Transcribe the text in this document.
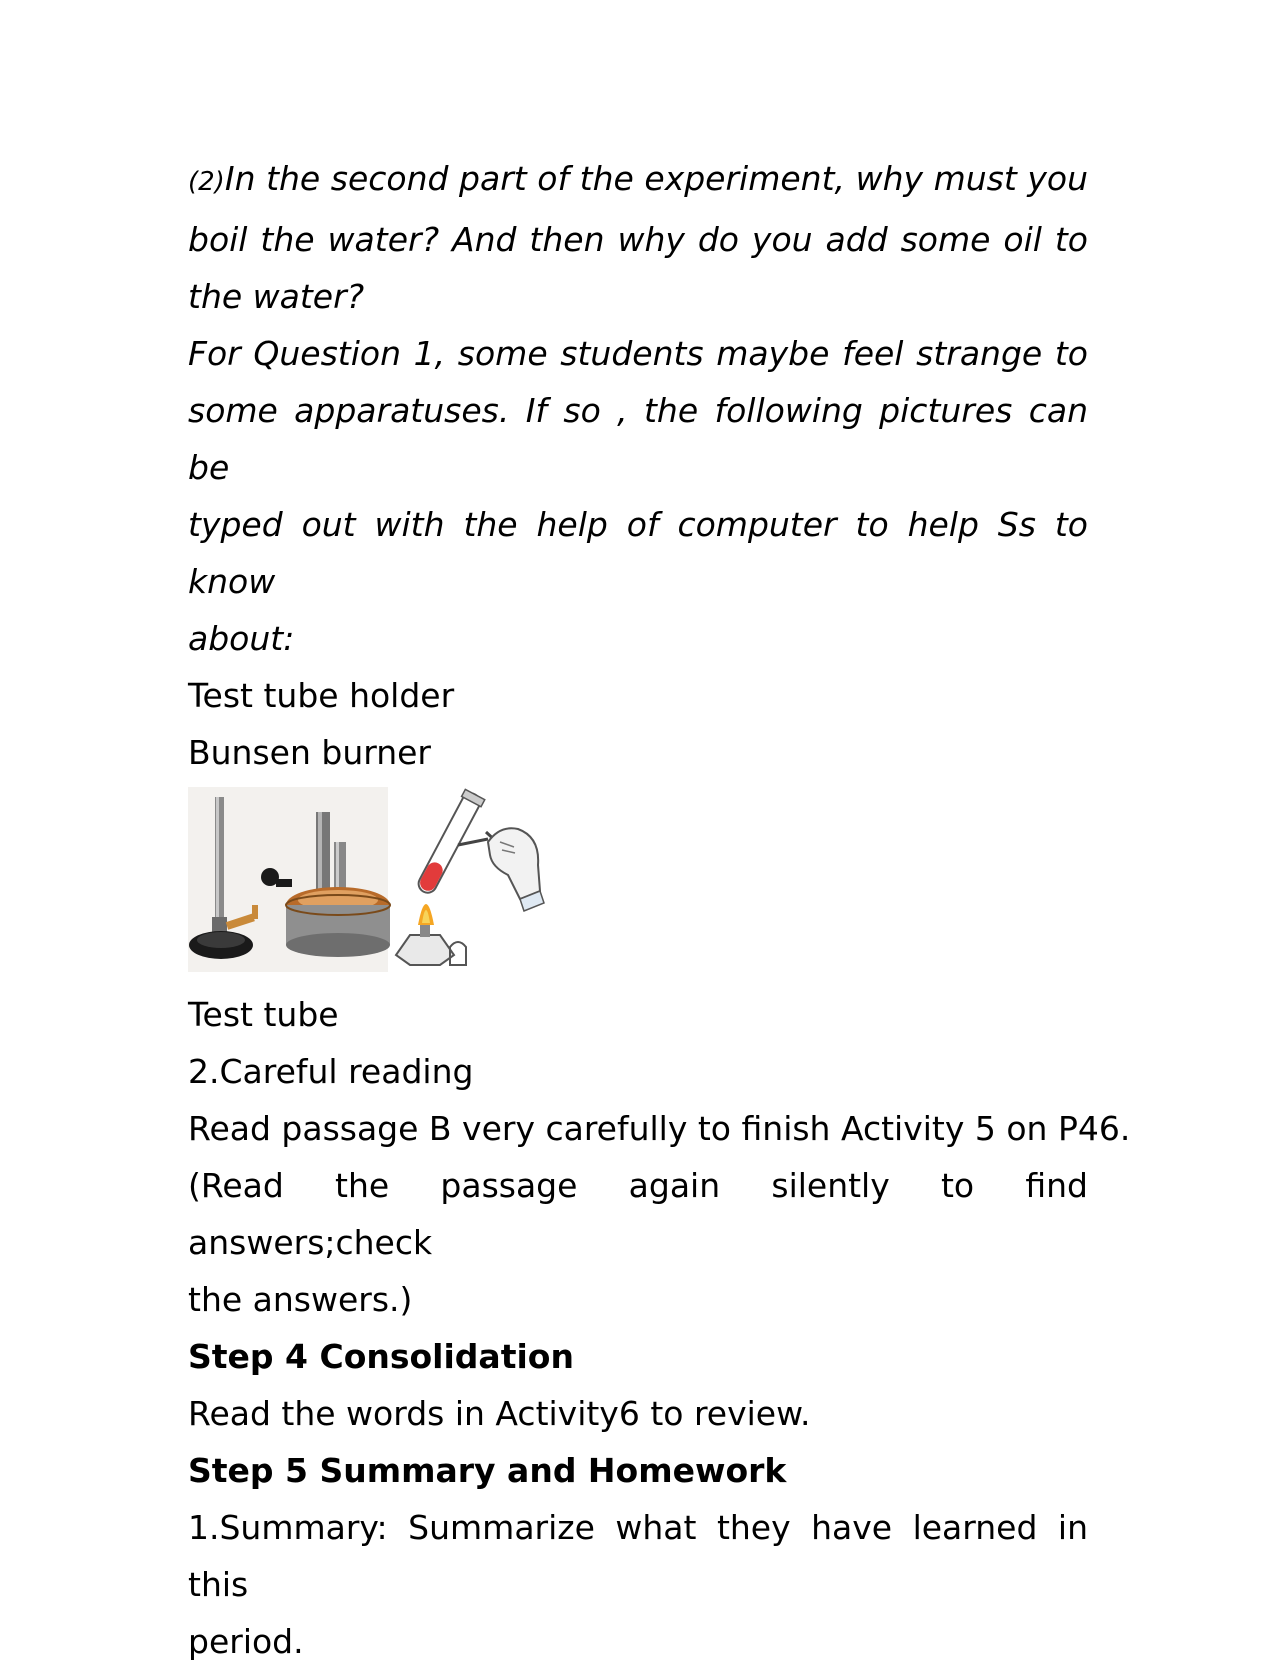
(2)In the second part of the experiment, why must you
boil the water? And then why do you add some oil to
the water?
For Question 1, some students maybe feel strange to
some apparatuses. If so , the following pictures can be
typed out with the help of computer to help Ss to know
about:
Test tube holder
Bunsen burner
Test tube
2.Careful reading
Read passage B very carefully to finish Activity 5 on P46.
(Read the passage again silently to find answers;check
the answers.)
Step 4 Consolidation
Read the words in Activity6 to review.
Step 5 Summary and Homework
1.Summary: Summarize what they have learned in this
period.
